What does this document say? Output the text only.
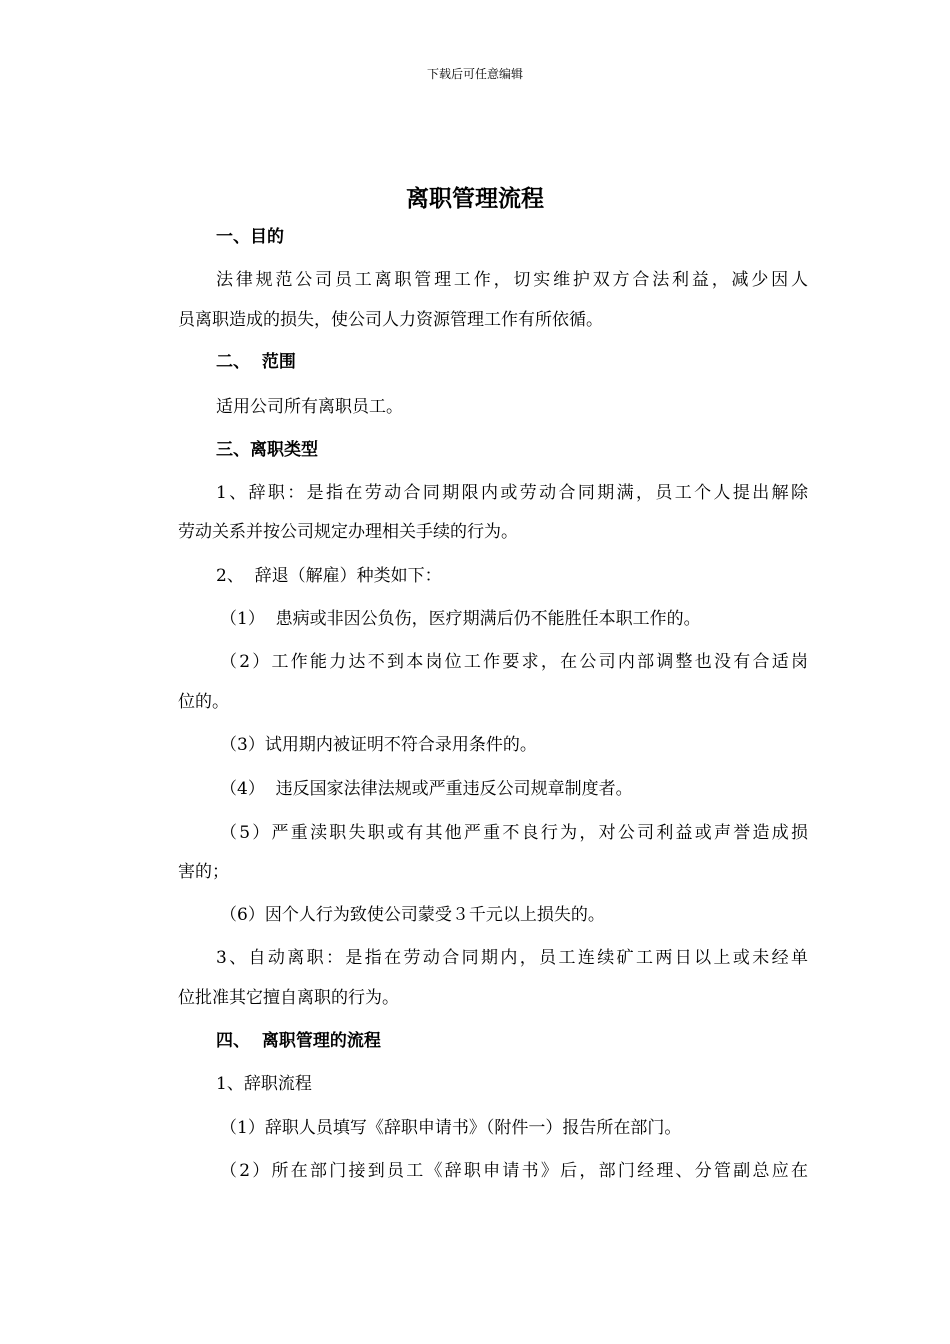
下载后可任意编辑
离职管理流程
一、目的
法律规范公司员工离职管理工作，切实维护双方合法利益，减少因人
员离职造成的损失，使公司人力资源管理工作有所依循。
二、  范围
适用公司所有离职员工。
三、离职类型
1、辞职：是指在劳动合同期限内或劳动合同期满，员工个人提出解除
劳动关系并按公司规定办理相关手续的行为。
2、  辞退（解雇）种类如下：
（1）  患病或非因公负伤，医疗期满后仍不能胜任本职工作的。
（2）工作能力达不到本岗位工作要求，在公司内部调整也没有合适岗
位的。
（3）试用期内被证明不符合录用条件的。
（4）  违反国家法律法规或严重违反公司规章制度者。
（5）严重渎职失职或有其他严重不良行为，对公司利益或声誉造成损
害的；
（6）因个人行为致使公司蒙受３千元以上损失的。
3、自动离职：是指在劳动合同期内，员工连续矿工两日以上或未经单
位批准其它擅自离职的行为。
四、  离职管理的流程
1、辞职流程
（1）辞职人员填写《辞职申请书》（附件一）报告所在部门。
（2）所在部门接到员工《辞职申请书》后，部门经理、分管副总应在
